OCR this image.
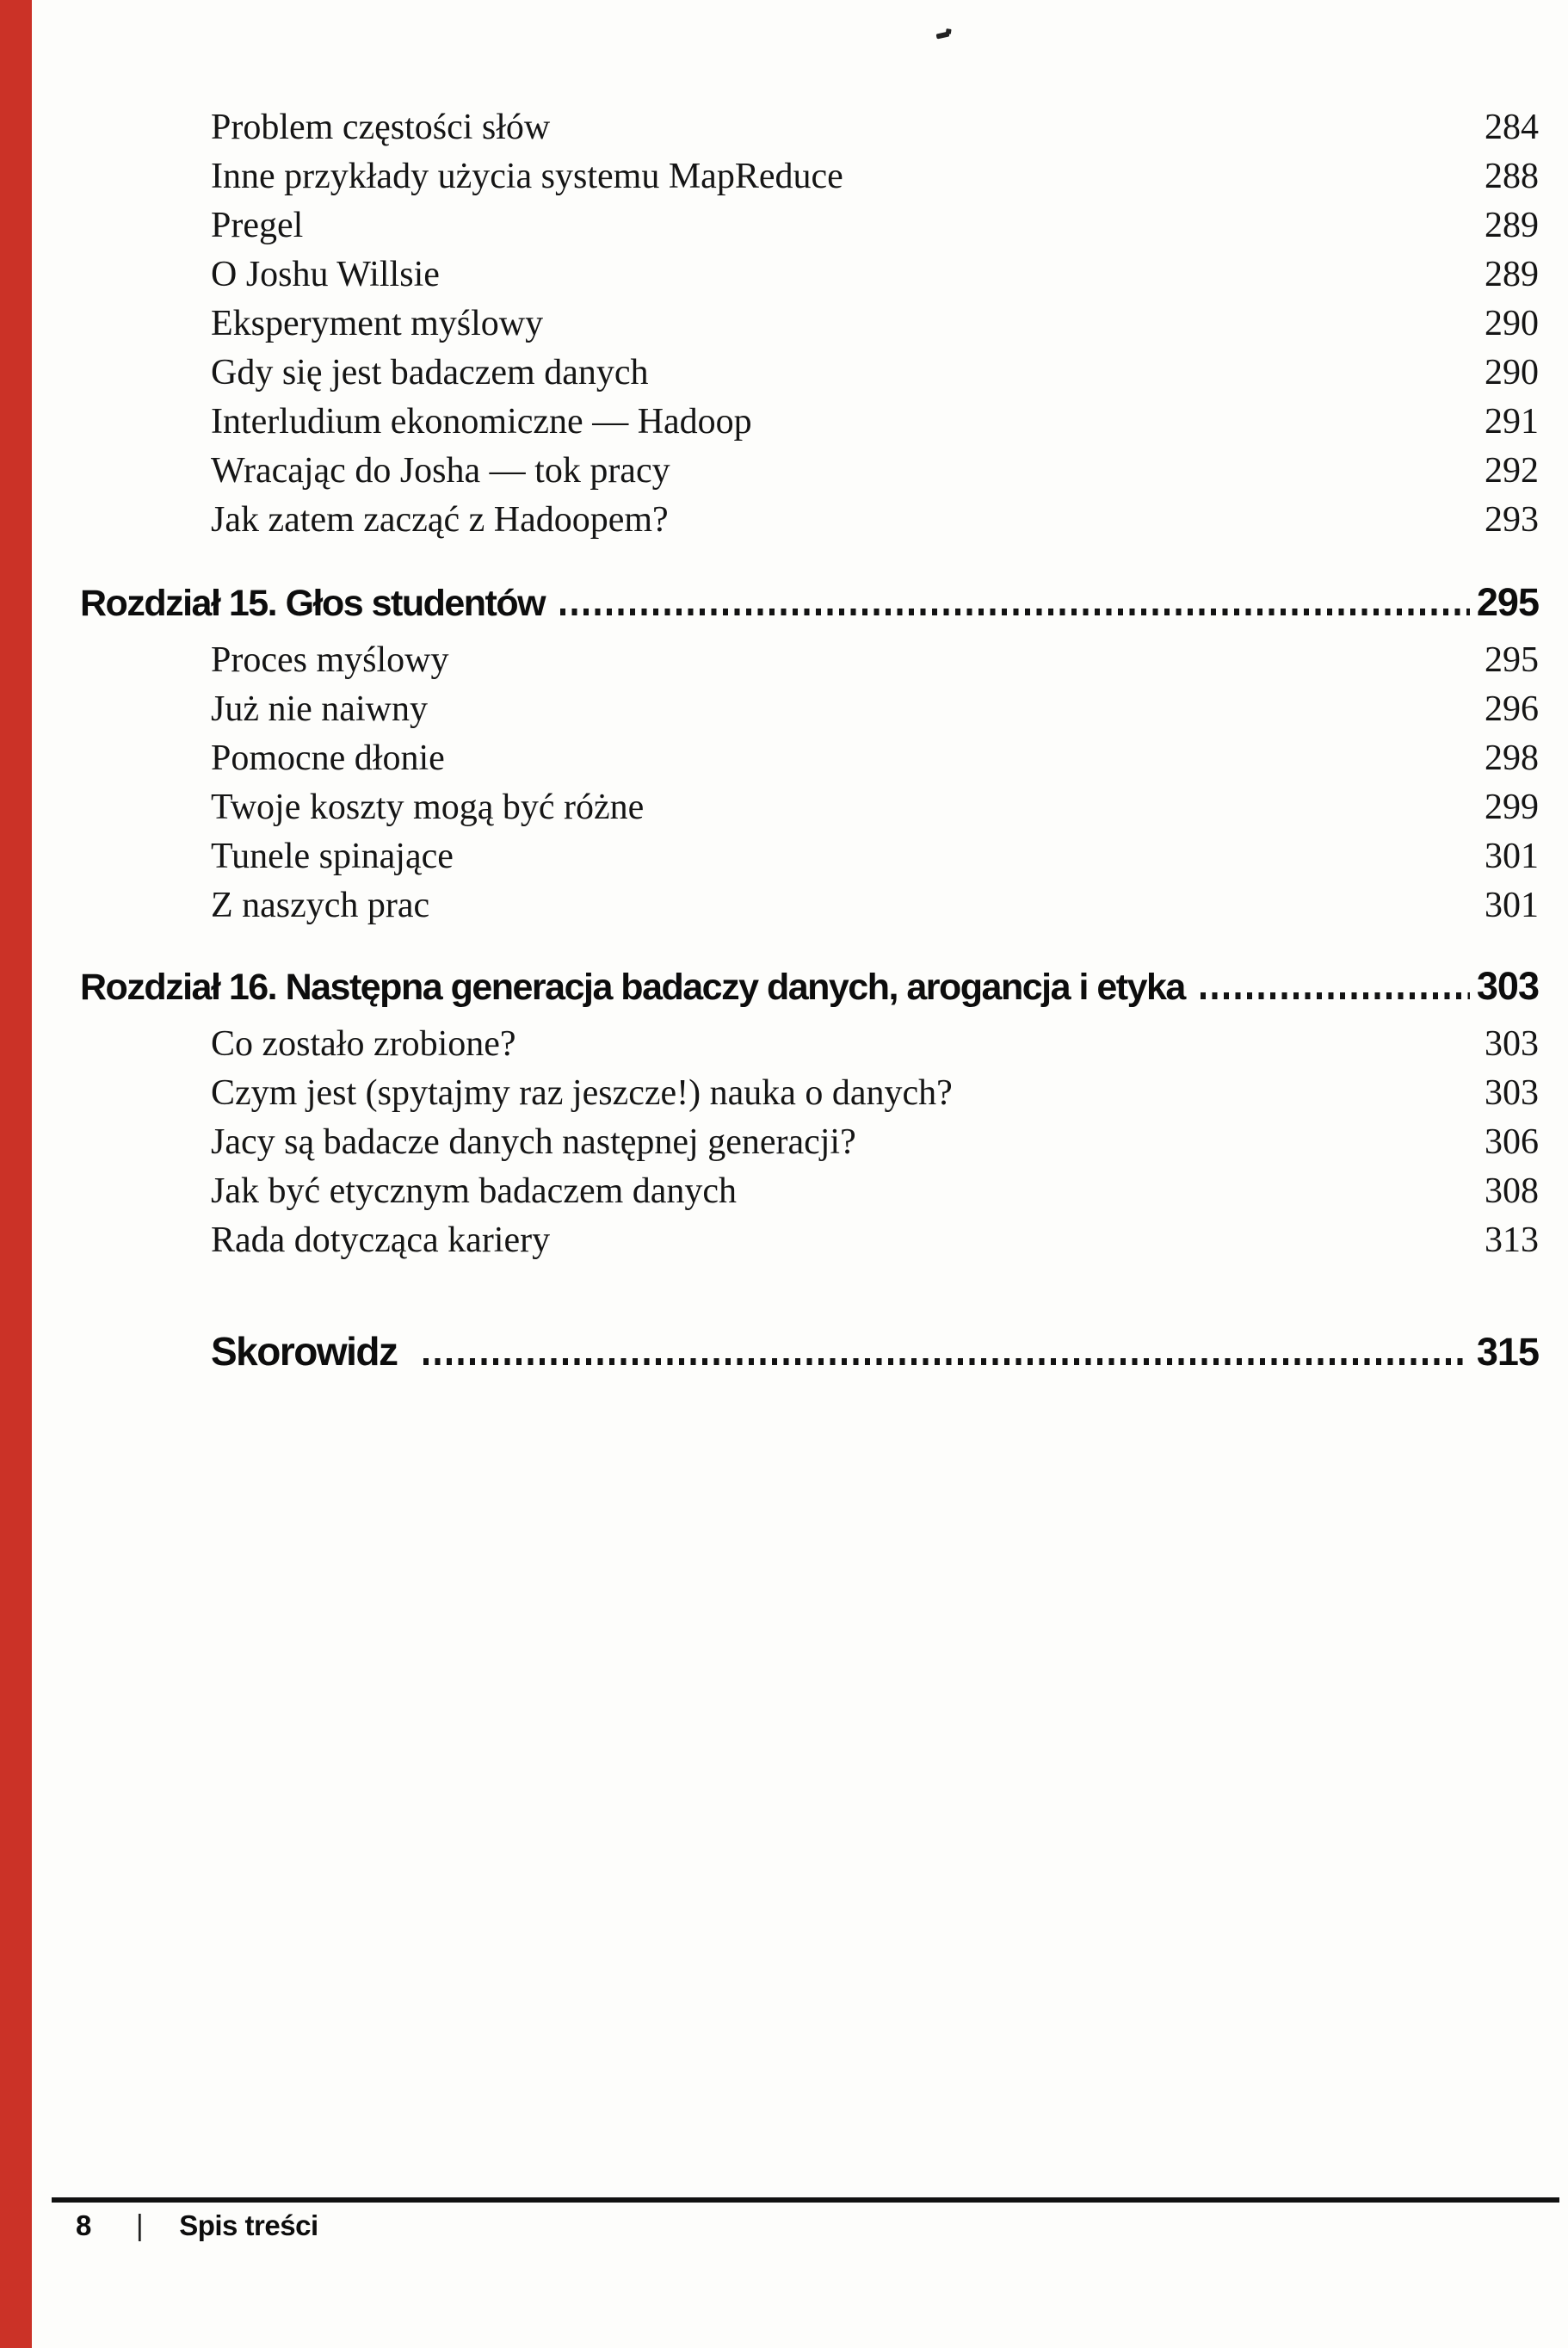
Problem częstości słów	284
Inne przykłady użycia systemu MapReduce	288
Pregel	289
O Joshu Willsie	289
Eksperyment myślowy	290
Gdy się jest badaczem danych	290
Interludium ekonomiczne — Hadoop	291
Wracając do Josha — tok pracy	292
Jak zatem zacząć z Hadoopem?	293
Rozdział 15. Głos studentów	295
Proces myślowy	295
Już nie naiwny	296
Pomocne dłonie	298
Twoje koszty mogą być różne	299
Tunele spinające	301
Z naszych prac	301
Rozdział 16. Następna generacja badaczy danych, arogancja i etyka	303
Co zostało zrobione?	303
Czym jest (spytajmy raz jeszcze!) nauka o danych?	303
Jacy są badacze danych następnej generacji?	306
Jak być etycznym badaczem danych	308
Rada dotycząca kariery	313
Skorowidz	315
8 | Spis treści
